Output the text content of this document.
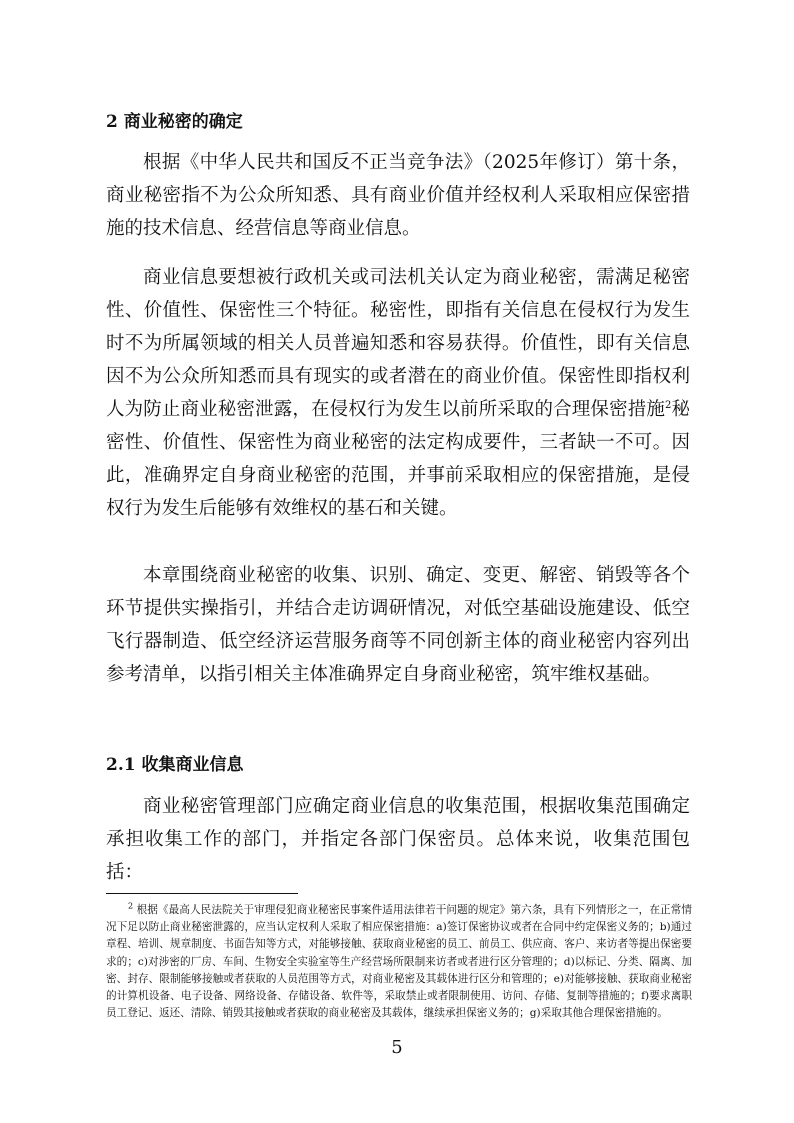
2 商业秘密的确定

根据《中华人民共和国反不正当竞争法》（2025年修订）第十条，商业秘密指不为公众所知悉、具有商业价值并经权利人采取相应保密措施的技术信息、经营信息等商业信息。

商业信息要想被行政机关或司法机关认定为商业秘密，需满足秘密性、价值性、保密性三个特征。秘密性，即指有关信息在侵权行为发生时不为所属领域的相关人员普遍知悉和容易获得。价值性，即有关信息因不为公众所知悉而具有现实的或者潜在的商业价值。保密性即指权利人为防止商业秘密泄露，在侵权行为发生以前所采取的合理保密措施$^2$秘密性、价值性、保密性为商业秘密的法定构成要件，三者缺一不可。因此，准确界定自身商业秘密的范围，并事前采取相应的保密措施，是侵权行为发生后能够有效维权的基石和关键。

本章围绕商业秘密的收集、识别、确定、变更、解密、销毁等各个环节提供实操指引，并结合走访调研情况，对低空基础设施建设、低空飞行器制造、低空经济运营服务商等不同创新主体的商业秘密内容列出参考清单，以指引相关主体准确界定自身商业秘密，筑牢维权基础。

2.1 收集商业信息

商业秘密管理部门应确定商业信息的收集范围，根据收集范围确定承担收集工作的部门，并指定各部门保密员。总体来说，收集范围包括：

$^2$ 根据《最高人民法院关于审理侵犯商业秘密民事案件适用法律若干问题的规定》第六条，具有下列情形之一，在正常情况下足以防止商业秘密泄露的，应当认定权利人采取了相应保密措施：a)签订保密协议或者在合同中约定保密义务的；b)通过章程、培训、规章制度、书面告知等方式，对能够接触、获取商业秘密的员工、前员工、供应商、客户、来访者等提出保密要求的；c)对涉密的厂房、车间、生物安全实验室等生产经营场所限制来访者或者进行区分管理的；d)以标记、分类、隔离、加密、封存、限制能够接触或者获取的人员范围等方式，对商业秘密及其载体进行区分和管理的；e)对能够接触、获取商业秘密的计算机设备、电子设备、网络设备、存储设备、软件等，采取禁止或者限制使用、访问、存储、复制等措施的；f)要求离职员工登记、返还、清除、销毁其接触或者获取的商业秘密及其载体，继续承担保密义务的；g)采取其他合理保密措施的。

5
